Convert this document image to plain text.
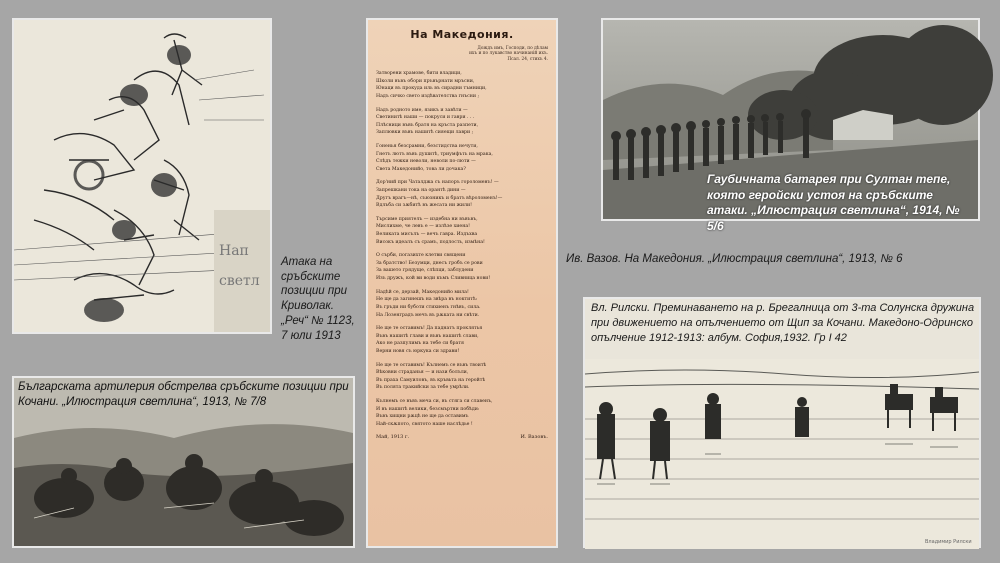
Нап
светл
Атака на сръбските позиции при Криволак. „Реч“ № 1123, 7 юли 1913
На Македония.
Дождъ имъ, Господи, по дѣлам
ихъ и по лукавство начинаній ихъ.
Псал. 24, стихъ 4.
Затворени храмове, бити владици,
Школи въвъ обори пръвърнати мръсни,
Юнаци въ прокуда иль въ сирадни тъмници,
Надъ сичко свето издѣвателства гнъсни ;
Надъ родното име, язикъ и завѣти —
Светинитѣ наши — покруси и гаври . . .
Плѣсници въвъ братя на кръста разпети,
Заплювки въвъ нашитѣ сияещи лаври ;
Гоненья безсрамни, безстидства нечути,
Гнетъ лютъ въвъ душитѣ, триумфъть на мрака,
Слѣдъ тежки неволи, неволи по-люти —
Света Македонийо, това ли дочака?
Дор'ний при Чаталджа съ напоръ гороломенъ! —
Запрешкани тока на орантѣ дини —
Другъ врагъ—нѣ, съюзникъ и братъ вѣроломенъ!—
Вдлъба си зѫбитѣ въ жесата ни жили!
Търсиме приятелъ — издебна ни въвъвъ,
Мислихме, че левъ е — излѣзе хиена!
Великата мисълъ — вечъ гавра. Издъхва
Високъ идеалъ съ срамъ, подлость, измѣна!
О сърби, погазихте клетви священи
За братство! Безумци, днесъ гробъ се рови
За вашето грядуще, слѣпци, заблудени
Изъ дружъ, кой ви води къмъ Сливница нови!
Надѣй се, дерзай, Македонийо мила!
Не ще да загинешъ на звѣра въ ноктитѣ:
Въ гръди ни буботи стихиенъ гнѣвъ, сила.
На Лозенградъ мечъ въ рѫката ни свѣти.
Не ще те оставимъ! Да паднатъ проклятья
Въвъ нашитѣ глави и въвъ нашитѣ слави,
Ако не разпулимъ на тебе си братя
Верни новя съ юркука си здрави!
Не ще те оставимъ! Кълнемъ се въвъ твоитѣ
Вѣковни страданья — и нази болъли,
Въ праха Самуиловъ, въ кръвьта на геройтѣ
Въ полята тракийски за тебе умрѣли.
Кълнемъ се въвъ меча си, въ стяга си славенъ,
И въ нашитѣ велики, безсмъртни побѣди:
Въвъ хищни рѫцѣ не ще да оставимъ
Най-скѫпото, святото наше наслѣдье !
Май, 1913 г.	И. Вазовъ.
Ив. Вазов. На Македония. „Илюстрация светлина“, 1913, № 6
Гаубичната батарея при Султан тепе, която геройски устоя на сръбските атаки. „Илюстрация светлина“, 1914, № 5/6
Българската артилерия обстрелва сръбските позиции при Кочани. „Илюстрация светлина“, 1913, № 7/8
Вл. Рилски. Преминаването на р. Брегалница от 3-та Солунска дружина при движението на опълчението от Щип за Кочани. Македоно-Одринско опълчение 1912-1913: албум. София,1932. Гр I 42
Владимир Рилски
